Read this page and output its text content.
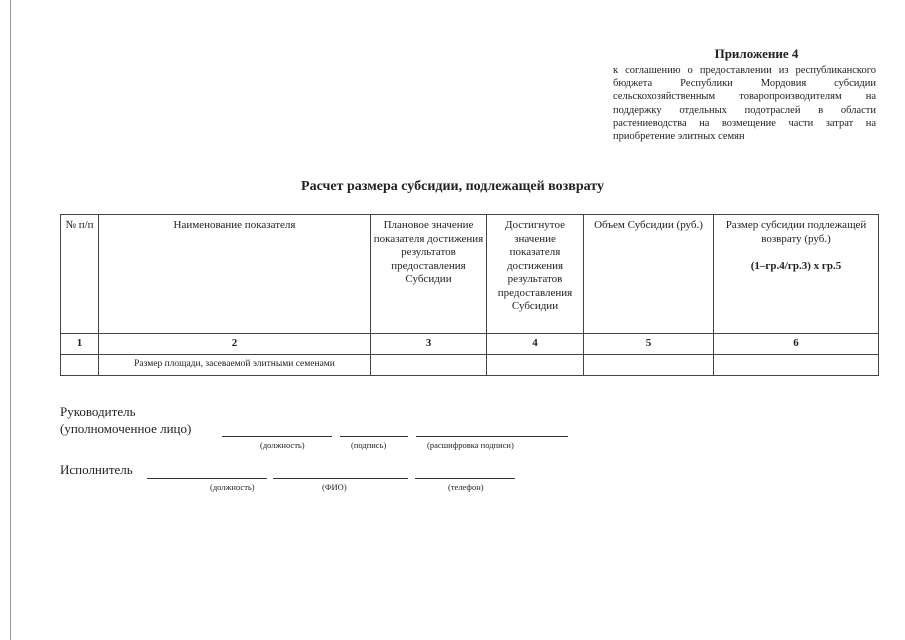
Приложение 4
к соглашению о предоставлении из республиканского бюджета Республики Мордовия субсидии сельскохозяйственным товаропроизводителям на поддержку отдельных подотраслей в области растениеводства на возмещение части затрат на приобретение элитных семян
Расчет размера субсидии, подлежащей возврату
№ п/п	Наименование показателя	Плановое значение показателя достижения результатов предоставления Субсидии	Достигнутое значение показателя достижения результатов предоставления Субсидии	Объем Субсидии (руб.)	Размер субсидии подлежащей возврату (руб.)
(1–гр.4/гр.3) х гр.5

1	2	3	4	5	6
	Размер площади, засеваемой элитными семенами				
Руководитель
(уполномоченное лицо)
(должность)	(подпись)	(расшифровка подписи)
Исполнитель
(должность)	(ФИО)	(телефон)
